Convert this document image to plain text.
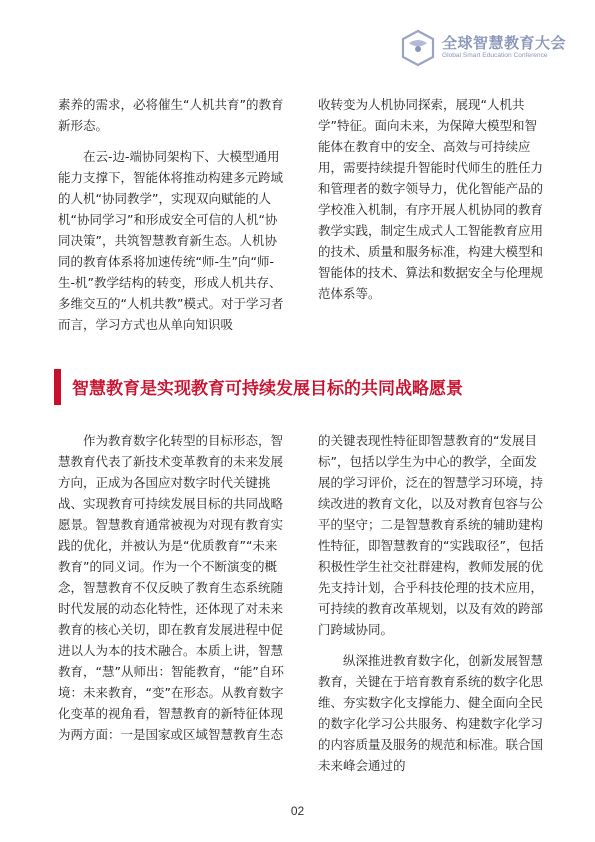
全球智慧教育大会
Global Smart Education Conference

素养的需求，必将催生“人机共育”的教育新形态。

在云-边-端协同架构下、大模型通用能力支撑下，智能体将推动构建多元跨域的人机“协同教学”，实现双向赋能的人机“协同学习”和形成安全可信的人机“协同决策”，共筑智慧教育新生态。人机协同的教育体系将加速传统“师-生”向“师-生-机”教学结构的转变，形成人机共存、多维交互的“人机共教”模式。对于学习者而言，学习方式也从单向知识吸

收转变为人机协同探索，展现“人机共学”特征。面向未来，为保障大模型和智能体在教育中的安全、高效与可持续应用，需要持续提升智能时代师生的胜任力和管理者的数字领导力，优化智能产品的学校准入机制，有序开展人机协同的教育教学实践，制定生成式人工智能教育应用的技术、质量和服务标准，构建大模型和智能体的技术、算法和数据安全与伦理规范体系等。

智慧教育是实现教育可持续发展目标的共同战略愿景

作为教育数字化转型的目标形态，智慧教育代表了新技术变革教育的未来发展方向，正成为各国应对数字时代关键挑战、实现教育可持续发展目标的共同战略愿景。智慧教育通常被视为对现有教育实践的优化，并被认为是“优质教育”“未来教育”的同义词。作为一个不断演变的概念，智慧教育不仅反映了教育生态系统随时代发展的动态化特性，还体现了对未来教育的核心关切，即在教育发展进程中促进以人为本的技术融合。本质上讲，智慧教育，“慧”从师出：智能教育，“能”自环境：未来教育，“变”在形态。从教育数字化变革的视角看，智慧教育的新特征体现为两方面：一是国家或区域智慧教育生态

的关键表现性特征即智慧教育的“发展目标”，包括以学生为中心的教学，全面发展的学习评价，泛在的智慧学习环境，持续改进的教育文化，以及对教育包容与公平的坚守；二是智慧教育系统的辅助建构性特征，即智慧教育的“实践取径”，包括积极性学生社交社群建构，教师发展的优先支持计划，合乎科技伦理的技术应用，可持续的教育改革规划，以及有效的跨部门跨域协同。

纵深推进教育数字化，创新发展智慧教育，关键在于培育教育系统的数字化思维、夯实数字化支撑能力、健全面向全民的数字化学习公共服务、构建数字化学习的内容质量及服务的规范和标准。联合国未来峰会通过的

02
